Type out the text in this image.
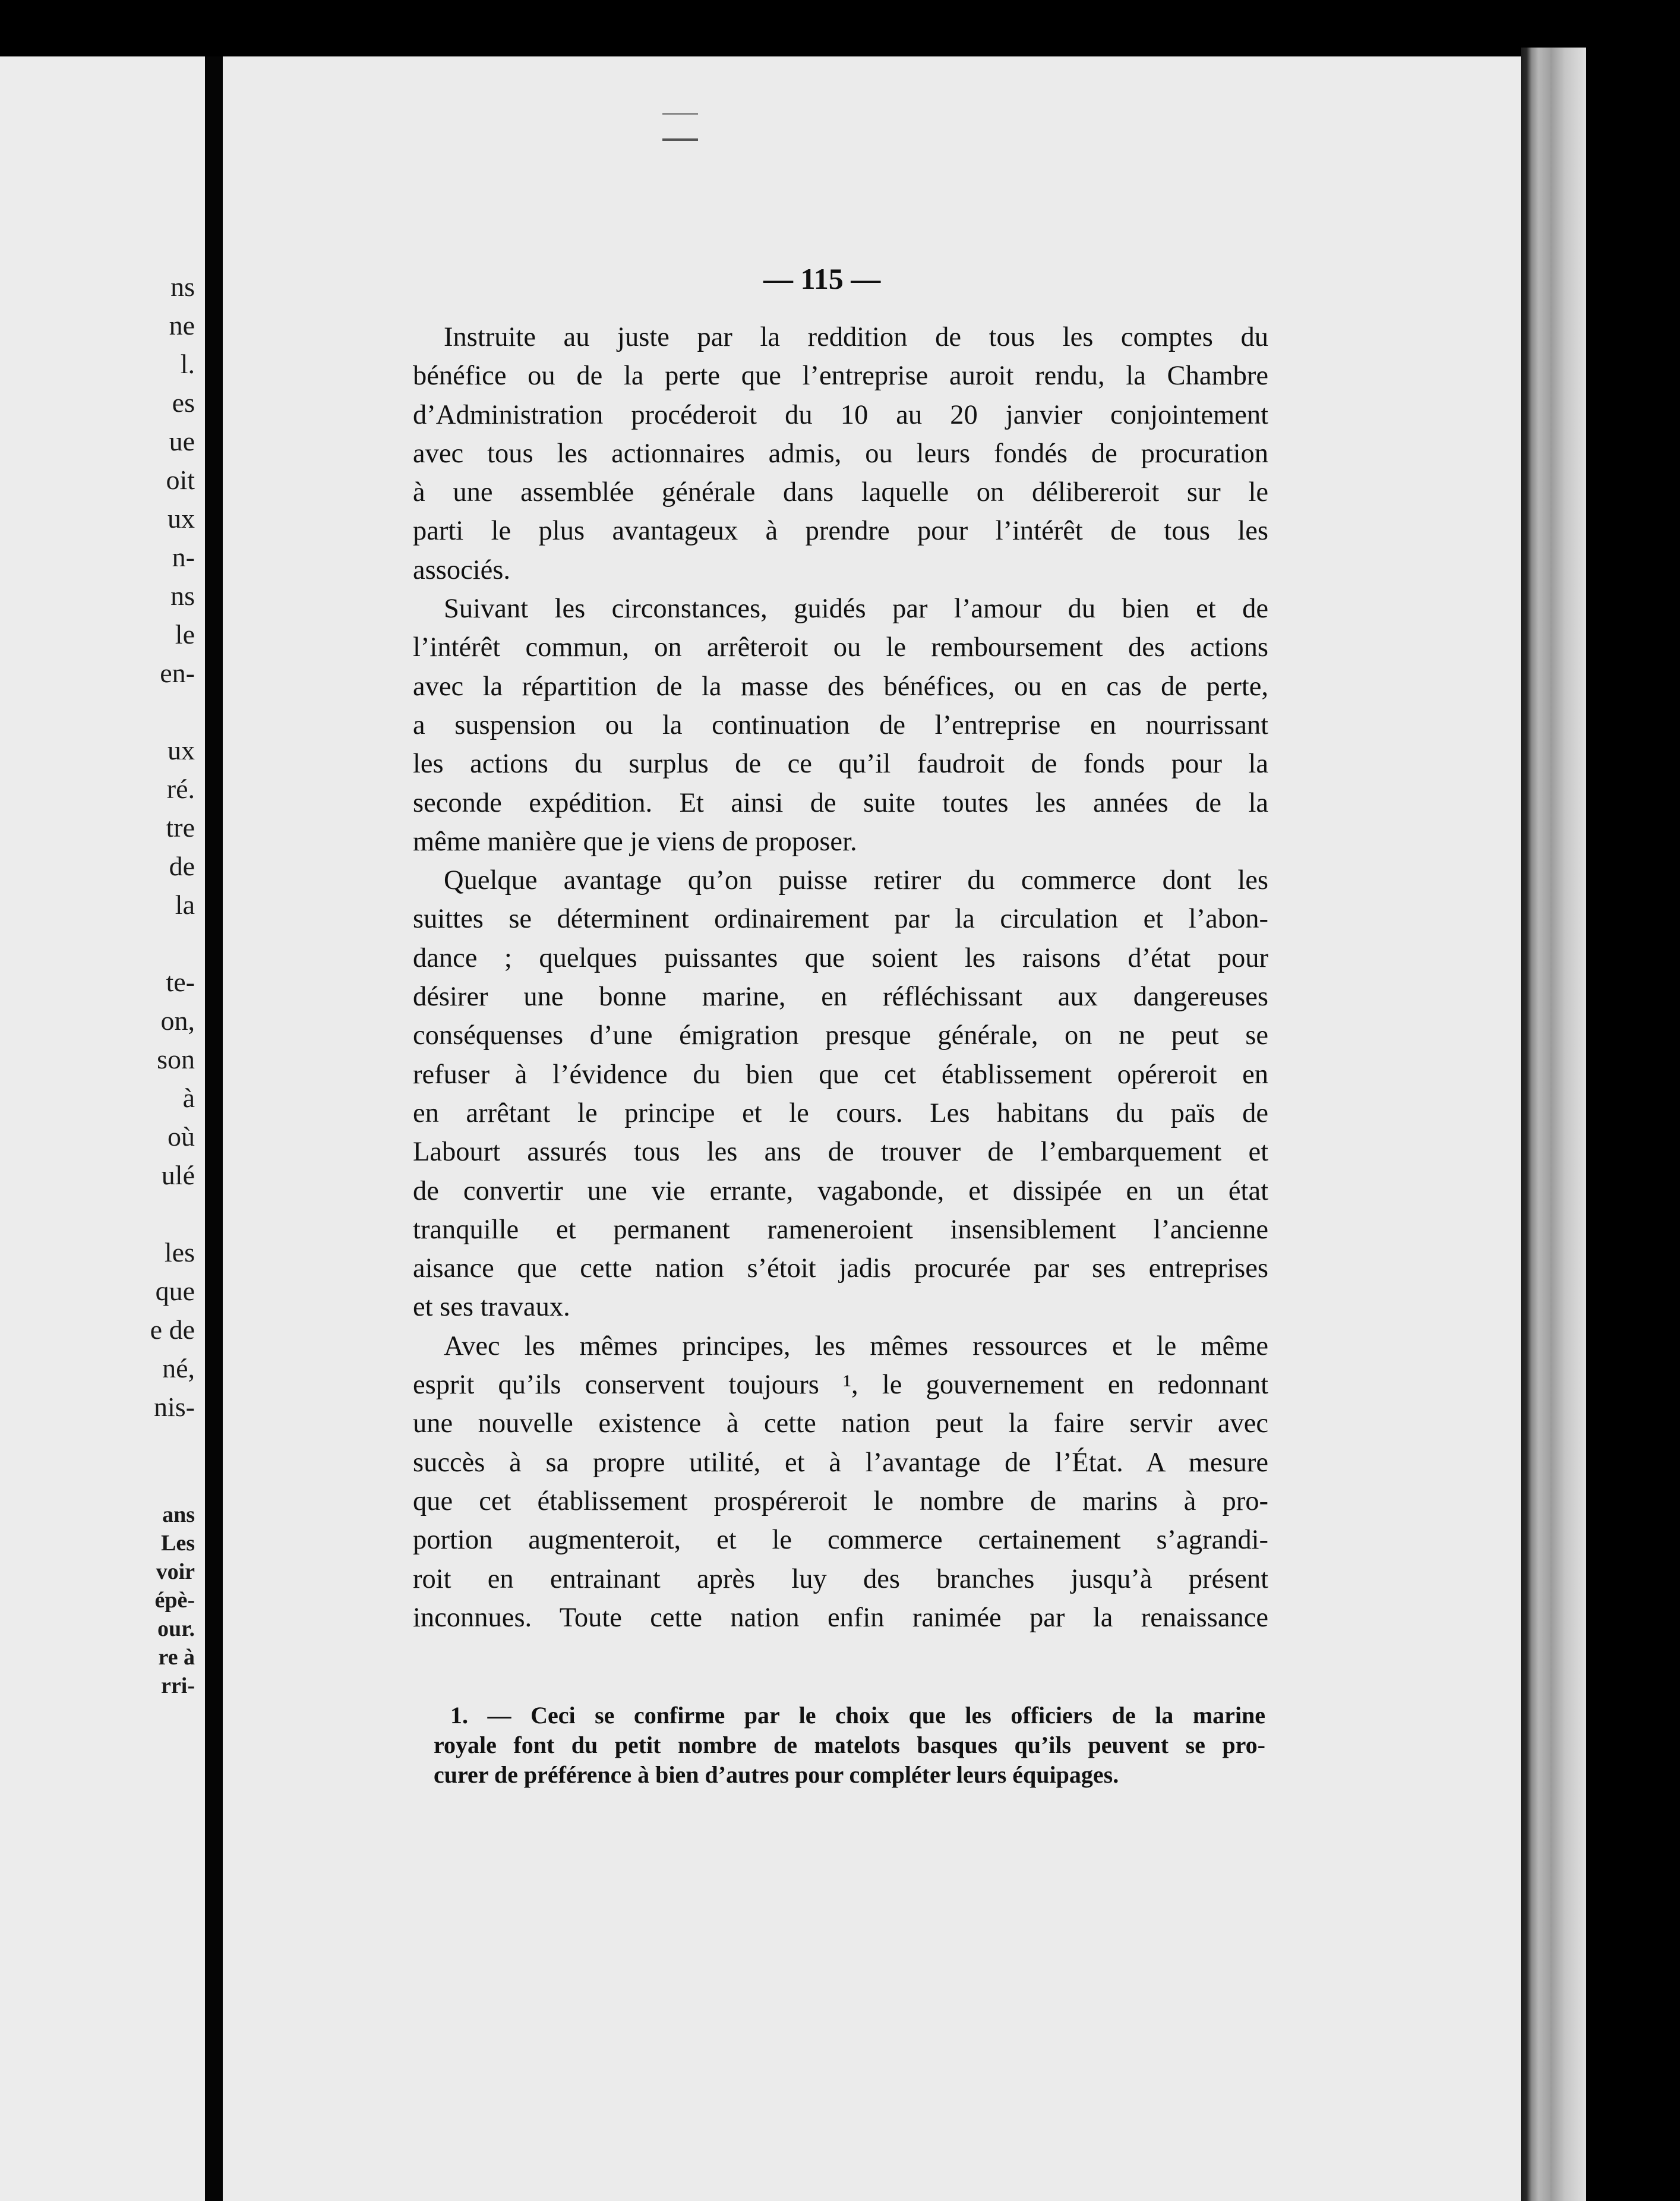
ns
ne
l.
es
ue
oit
ux
n-
ns
le
en-
ux
ré.
tre
de
la
te-
on,
son
à
où
ulé
les
que
e de
né,
nis-
ans
Les
voir
épè-
our.
re à
rri-
— 115 —
Instruite au juste par la reddition de tous les comptes du
bénéfice ou de la perte que l’entreprise auroit rendu, la Chambre
d’Administration procéderoit du 10 au 20 janvier conjointement
avec tous les actionnaires admis, ou leurs fondés de procuration
à une assemblée générale dans laquelle on délibereroit sur le
parti le plus avantageux à prendre pour l’intérêt de tous les
associés.
Suivant les circonstances, guidés par l’amour du bien et de
l’intérêt commun, on arrêteroit ou le remboursement des actions
avec la répartition de la masse des bénéfices, ou en cas de perte,
a suspension ou la continuation de l’entreprise en nourrissant
les actions du surplus de ce qu’il faudroit de fonds pour la
seconde expédition. Et ainsi de suite toutes les années de la
même manière que je viens de proposer.
Quelque avantage qu’on puisse retirer du commerce dont les
suittes se déterminent ordinairement par la circulation et l’abon-
dance ; quelques puissantes que soient les raisons d’état pour
désirer une bonne marine, en réfléchissant aux dangereuses
conséquenses d’une émigration presque générale, on ne peut se
refuser à l’évidence du bien que cet établissement opéreroit en
en arrêtant le principe et le cours. Les habitans du païs de
Labourt assurés tous les ans de trouver de l’embarquement et
de convertir une vie errante, vagabonde, et dissipée en un état
tranquille et permanent rameneroient insensiblement l’ancienne
aisance que cette nation s’étoit jadis procurée par ses entreprises
et ses travaux.
Avec les mêmes principes, les mêmes ressources et le même
esprit qu’ils conservent toujours ¹, le gouvernement en redonnant
une nouvelle existence à cette nation peut la faire servir avec
succès à sa propre utilité, et à l’avantage de l’État. A mesure
que cet établissement prospéreroit le nombre de marins à pro-
portion augmenteroit, et le commerce certainement s’agrandi-
roit en entrainant après luy des branches jusqu’à présent
inconnues. Toute cette nation enfin ranimée par la renaissance
1. — Ceci se confirme par le choix que les officiers de la marine
royale font du petit nombre de matelots basques qu’ils peuvent se pro-
curer de préférence à bien d’autres pour compléter leurs équipages.
